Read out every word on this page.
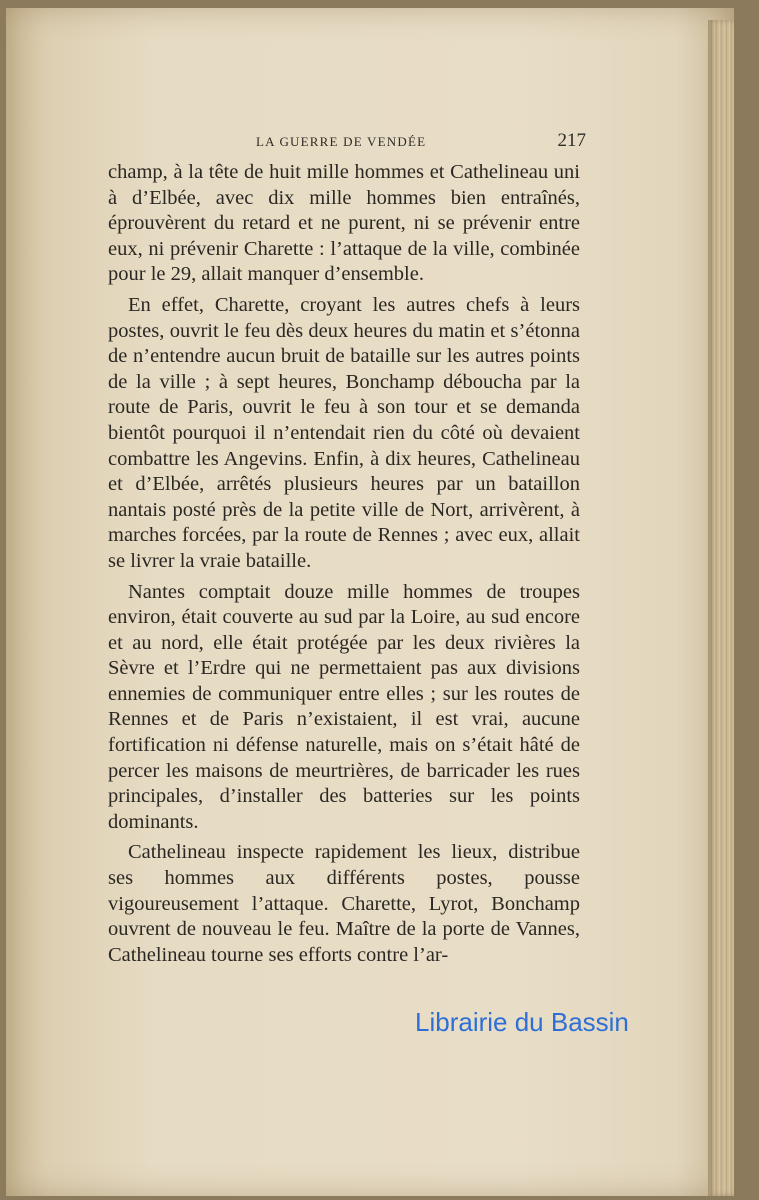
LA GUERRE DE VENDÉE	217

champ, à la tête de huit mille hommes et Cathelineau uni à d’Elbée, avec dix mille hommes bien entraînés, éprouvèrent du retard et ne purent, ni se prévenir entre eux, ni prévenir Charette : l’attaque de la ville, combinée pour le 29, allait manquer d’ensemble.

En effet, Charette, croyant les autres chefs à leurs postes, ouvrit le feu dès deux heures du matin et s’étonna de n’entendre aucun bruit de bataille sur les autres points de la ville ; à sept heures, Bonchamp déboucha par la route de Paris, ouvrit le feu à son tour et se demanda bientôt pourquoi il n’entendait rien du côté où devaient combattre les Angevins. Enfin, à dix heures, Cathelineau et d’Elbée, arrêtés plusieurs heures par un bataillon nantais posté près de la petite ville de Nort, arrivèrent, à marches forcées, par la route de Rennes ; avec eux, allait se livrer la vraie bataille.

Nantes comptait douze mille hommes de troupes environ, était couverte au sud par la Loire, au sud encore et au nord, elle était protégée par les deux rivières la Sèvre et l’Erdre qui ne permettaient pas aux divisions ennemies de communiquer entre elles ; sur les routes de Rennes et de Paris n’existaient, il est vrai, aucune fortification ni défense naturelle, mais on s’était hâté de percer les maisons de meurtrières, de barricader les rues principales, d’installer des batteries sur les points dominants.

Cathelineau inspecte rapidement les lieux, distribue ses hommes aux différents postes, pousse vigoureusement l’attaque. Charette, Lyrot, Bonchamp ouvrent de nouveau le feu. Maître de la porte de Vannes, Cathelineau tourne ses efforts contre l’ar-

Librairie du Bassin
